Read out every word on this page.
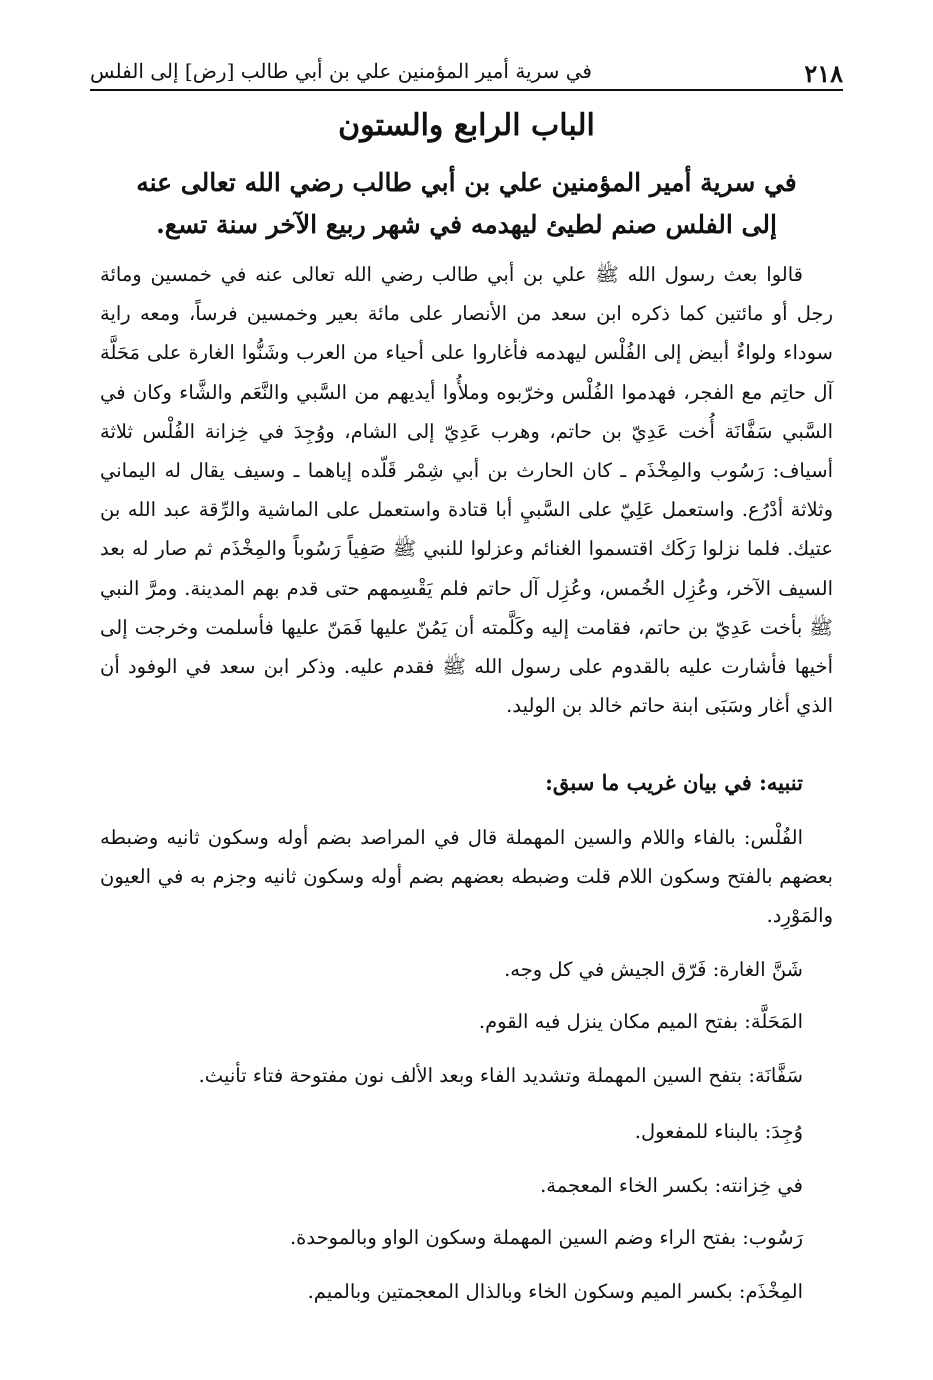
٢١٨
في سرية أمير المؤمنين علي بن أبي طالب [رض] إلى الفلس
الباب الرابع والستون
في سرية أمير المؤمنين علي بن أبي طالب رضي الله تعالى عنه
إلى الفلس صنم لطيئ ليهدمه في شهر ربيع الآخر سنة تسع.

قالوا بعث رسول الله ﷺ علي بن أبي طالب رضي الله تعالى عنه في خمسين ومائة رجل أو مائتين كما ذكره ابن سعد من الأنصار على مائة بعير وخمسين فرساً، ومعه راية سوداء ولواءٌ أبيض إلى الفُلْس ليهدمه فأغاروا على أحياء من العرب وشَنُّوا الغارة على مَحَلَّة آل حاتِم مع الفجر، فهدموا الفُلْس وخرّبوه وملأُوا أيديهم من السَّبي والنَّعَم والشَّاء وكان في السَّبي سَفَّانَة أُخت عَدِيّ بن حاتم، وهرب عَدِيّ إلى الشام، ووُجِدَ في خِزانة الفُلْس ثلاثة أسياف: رَسُوب والمِخْذَم ـ كان الحارث بن أبي شِمْر قَلّده إياهما ـ وسيف يقال له اليماني وثلاثة أدْرُع. واستعمل عَلِيّ على السَّبيِ أبا قتادة واستعمل على الماشية والرِّقة عبد الله بن عتيك. فلما نزلوا رَكَك اقتسموا الغنائم وعزلوا للنبي ﷺ صَفِياً رَسُوباً والمِخْذَم ثم صار له بعد السيف الآخر، وعُزِل الخُمس، وعُزِل آل حاتم فلم يَقْسِمهم حتى قدم بهم المدينة. ومرَّ النبي ﷺ بأخت عَدِيّ بن حاتم، فقامت إليه وكَلَّمته أن يَمُنّ عليها فَمَنّ عليها فأسلمت وخرجت إلى أخيها فأشارت عليه بالقدوم على رسول الله ﷺ فقدم عليه. وذكر ابن سعد في الوفود أن الذي أغار وسَبَى ابنة حاتم خالد بن الوليد.

تنبيه: في بيان غريب ما سبق:
الفُلْس: بالفاء واللام والسين المهملة قال في المراصد بضم أوله وسكون ثانيه وضبطه بعضهم بالفتح وسكون اللام قلت وضبطه بعضهم بضم أوله وسكون ثانيه وجزم به في العيون والمَوْرِد.
شَنَّ الغارة: فَرّق الجيش في كل وجه.
المَحَلَّة: بفتح الميم مكان ينزل فيه القوم.
سَفَّانَة: بتفح السين المهملة وتشديد الفاء وبعد الألف نون مفتوحة فتاء تأنيث.
وُجِدَ: بالبناء للمفعول.
في خِزانته: بكسر الخاء المعجمة.
رَسُوب: بفتح الراء وضم السين المهملة وسكون الواو وبالموحدة.
المِخْذَم: بكسر الميم وسكون الخاء وبالذال المعجمتين وبالميم.
